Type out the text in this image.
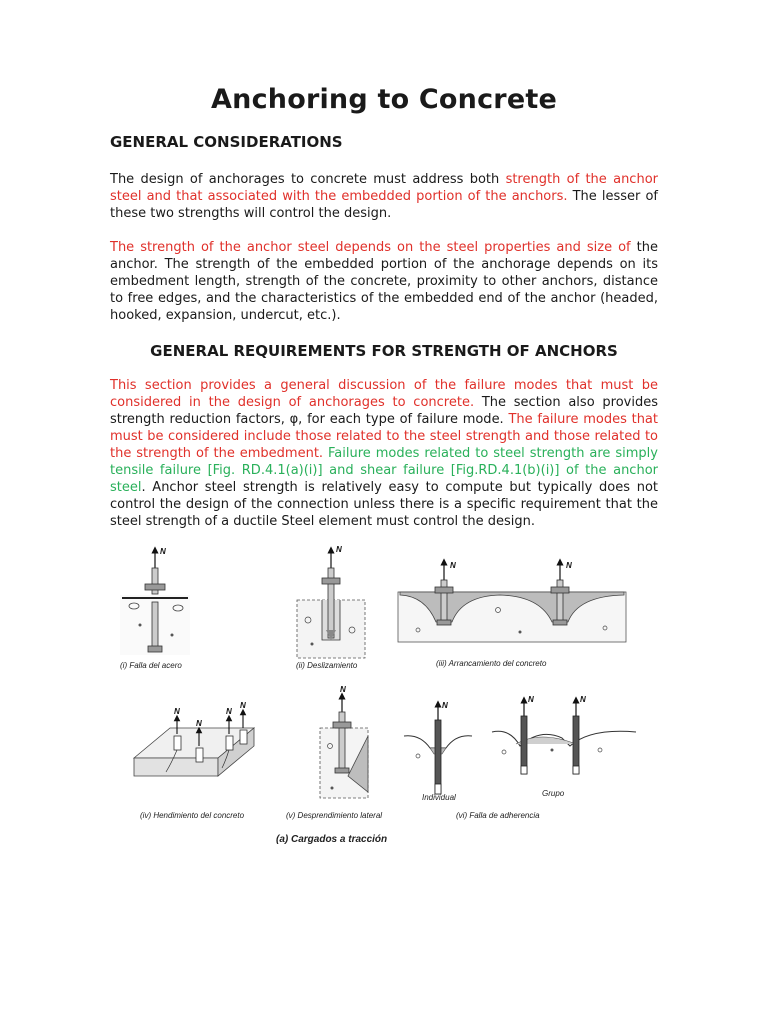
Anchoring to Concrete
GENERAL CONSIDERATIONS

The design of anchorages to concrete must address both strength of the anchor steel and that associated with the embedded portion of the anchors. The lesser of these two strengths will control the design.

The strength of the anchor steel depends on the steel properties and size of the anchor. The strength of the embedded portion of the anchorage depends on its embedment length, strength of the concrete, proximity to other anchors, distance to free edges, and the characteristics of the embedded end of the anchor (headed, hooked, expansion, undercut, etc.).

GENERAL REQUIREMENTS FOR STRENGTH OF ANCHORS

This section provides a general discussion of the failure modes that must be considered in the design of anchorages to concrete. The section also provides strength reduction factors, φ, for each type of failure mode. The failure modes that must be considered include those related to the steel strength and those related to the strength of the embedment. Failure modes related to steel strength are simply tensile failure [Fig. RD.4.1(a)(i)] and shear failure [Fig.RD.4.1(b)(i)] of the anchor steel. Anchor steel strength is relatively easy to compute but typically does not control the design of the connection unless there is a specific requirement that the steel strength of a ductile Steel element must control the design.

N
(i) Falla del acero
N
(ii) Deslizamiento
N	N
(iii) Arrancamiento del concreto
N
N
N
N
(iv) Hendimiento del concreto
N
(v) Desprendimiento lateral
N
Individual
N	N
Grupo
(vi) Falla de adherencia
(a) Cargados a tracción
